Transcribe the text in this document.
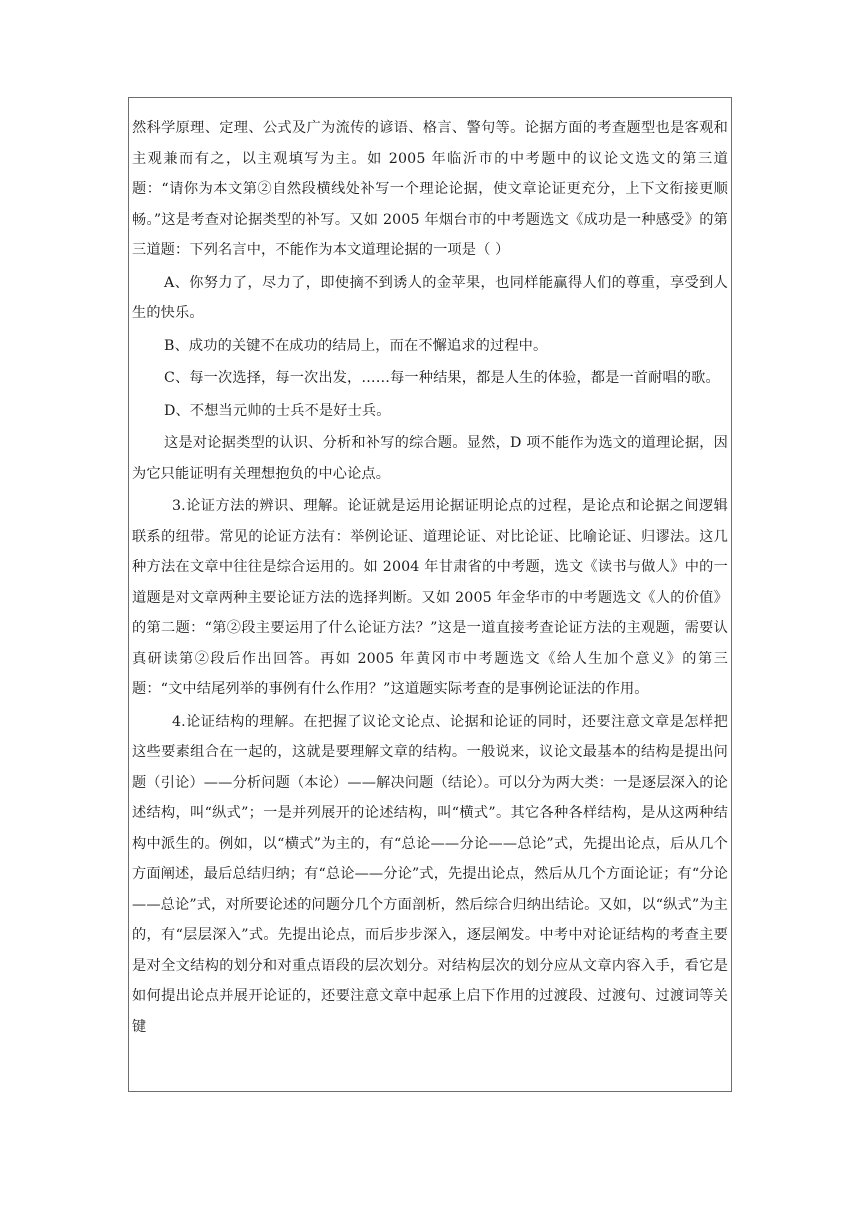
然科学原理、定理、公式及广为流传的谚语、格言、警句等。论据方面的考查题型也是客观和主观兼而有之，以主观填写为主。如 2005 年临沂市的中考题中的议论文选文的第三道题：“请你为本文第②自然段横线处补写一个理论论据，使文章论证更充分，上下文衔接更顺畅。”这是考查对论据类型的补写。又如 2005 年烟台市的中考题选文《成功是一种感受》的第三道题：下列名言中，不能作为本文道理论据的一项是（ ）

A、你努力了，尽力了，即使摘不到诱人的金苹果，也同样能赢得人们的尊重，享受到人生的快乐。

B、成功的关键不在成功的结局上，而在不懈追求的过程中。

C、每一次选择，每一次出发，……每一种结果，都是人生的体验，都是一首耐唱的歌。

D、不想当元帅的士兵不是好士兵。

这是对论据类型的认识、分析和补写的综合题。显然，D 项不能作为选文的道理论据，因为它只能证明有关理想抱负的中心论点。

3.论证方法的辨识、理解。论证就是运用论据证明论点的过程，是论点和论据之间逻辑联系的纽带。常见的论证方法有：举例论证、道理论证、对比论证、比喻论证、归谬法。这几种方法在文章中往往是综合运用的。如 2004 年甘肃省的中考题，选文《读书与做人》中的一道题是对文章两种主要论证方法的选择判断。又如 2005 年金华市的中考题选文《人的价值》的第二题：“第②段主要运用了什么论证方法？”这是一道直接考查论证方法的主观题，需要认真研读第②段后作出回答。再如 2005 年黄冈市中考题选文《给人生加个意义》的第三题：“文中结尾列举的事例有什么作用？”这道题实际考查的是事例论证法的作用。

4.论证结构的理解。在把握了议论文论点、论据和论证的同时，还要注意文章是怎样把这些要素组合在一起的，这就是要理解文章的结构。一般说来，议论文最基本的结构是提出问题（引论）——分析问题（本论）——解决问题（结论）。可以分为两大类：一是逐层深入的论述结构，叫“纵式”；一是并列展开的论述结构，叫“横式”。其它各种各样结构，是从这两种结构中派生的。例如，以“横式”为主的，有“总论——分论——总论”式，先提出论点，后从几个方面阐述，最后总结归纳；有“总论——分论”式，先提出论点，然后从几个方面论证；有“分论——总论”式，对所要论述的问题分几个方面剖析，然后综合归纳出结论。又如，以“纵式”为主的，有“层层深入”式。先提出论点，而后步步深入，逐层阐发。中考中对论证结构的考查主要是对全文结构的划分和对重点语段的层次划分。对结构层次的划分应从文章内容入手，看它是如何提出论点并展开论证的，还要注意文章中起承上启下作用的过渡段、过渡句、过渡词等关键
